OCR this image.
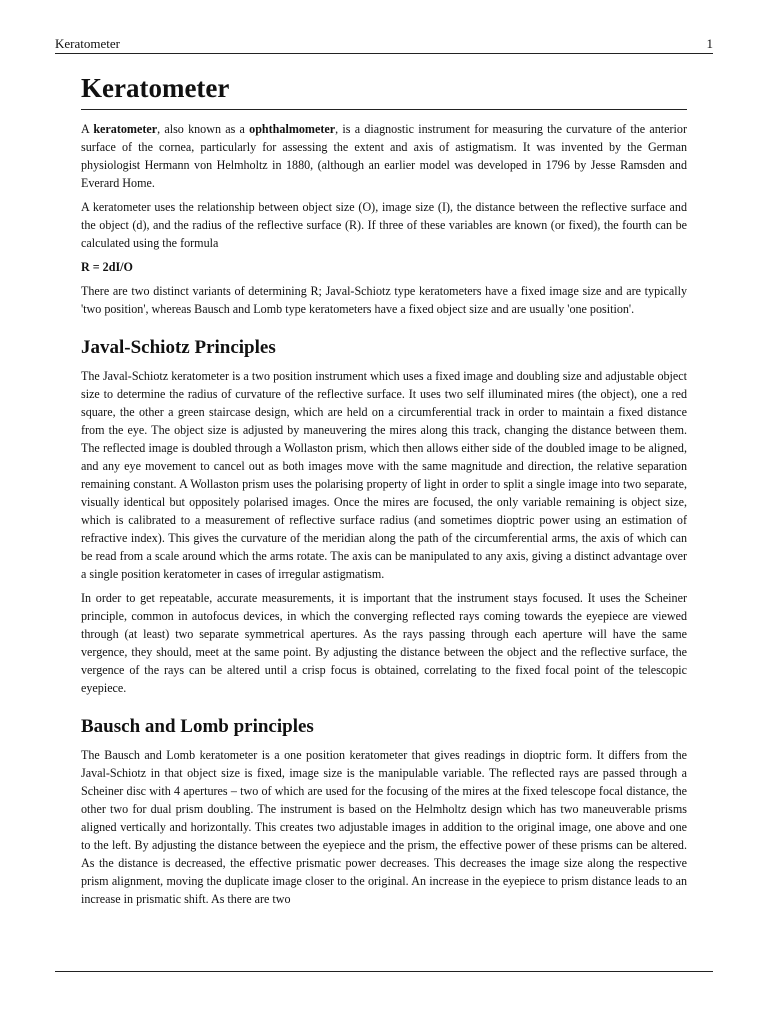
Keratometer	1
Keratometer

A keratometer, also known as a ophthalmometer, is a diagnostic instrument for measuring the curvature of the anterior surface of the cornea, particularly for assessing the extent and axis of astigmatism. It was invented by the German physiologist Hermann von Helmholtz in 1880, (although an earlier model was developed in 1796 by Jesse Ramsden and Everard Home.

A keratometer uses the relationship between object size (O), image size (I), the distance between the reflective surface and the object (d), and the radius of the reflective surface (R). If three of these variables are known (or fixed), the fourth can be calculated using the formula

R = 2dI/O

There are two distinct variants of determining R; Javal-Schiotz type keratometers have a fixed image size and are typically 'two position', whereas Bausch and Lomb type keratometers have a fixed object size and are usually 'one position'.

Javal-Schiotz Principles

The Javal-Schiotz keratometer is a two position instrument which uses a fixed image and doubling size and adjustable object size to determine the radius of curvature of the reflective surface. It uses two self illuminated mires (the object), one a red square, the other a green staircase design, which are held on a circumferential track in order to maintain a fixed distance from the eye. The object size is adjusted by maneuvering the mires along this track, changing the distance between them. The reflected image is doubled through a Wollaston prism, which then allows either side of the doubled image to be aligned, and any eye movement to cancel out as both images move with the same magnitude and direction, the relative separation remaining constant. A Wollaston prism uses the polarising property of light in order to split a single image into two separate, visually identical but oppositely polarised images. Once the mires are focused, the only variable remaining is object size, which is calibrated to a measurement of reflective surface radius (and sometimes dioptric power using an estimation of refractive index). This gives the curvature of the meridian along the path of the circumferential arms, the axis of which can be read from a scale around which the arms rotate. The axis can be manipulated to any axis, giving a distinct advantage over a single position keratometer in cases of irregular astigmatism.

In order to get repeatable, accurate measurements, it is important that the instrument stays focused. It uses the Scheiner principle, common in autofocus devices, in which the converging reflected rays coming towards the eyepiece are viewed through (at least) two separate symmetrical apertures. As the rays passing through each aperture will have the same vergence, they should, meet at the same point. By adjusting the distance between the object and the reflective surface, the vergence of the rays can be altered until a crisp focus is obtained, correlating to the fixed focal point of the telescopic eyepiece.

Bausch and Lomb principles

The Bausch and Lomb keratometer is a one position keratometer that gives readings in dioptric form. It differs from the Javal-Schiotz in that object size is fixed, image size is the manipulable variable. The reflected rays are passed through a Scheiner disc with 4 apertures – two of which are used for the focusing of the mires at the fixed telescope focal distance, the other two for dual prism doubling. The instrument is based on the Helmholtz design which has two maneuverable prisms aligned vertically and horizontally. This creates two adjustable images in addition to the original image, one above and one to the left. By adjusting the distance between the eyepiece and the prism, the effective power of these prisms can be altered. As the distance is decreased, the effective prismatic power decreases. This decreases the image size along the respective prism alignment, moving the duplicate image closer to the original. An increase in the eyepiece to prism distance leads to an increase in prismatic shift. As there are two
